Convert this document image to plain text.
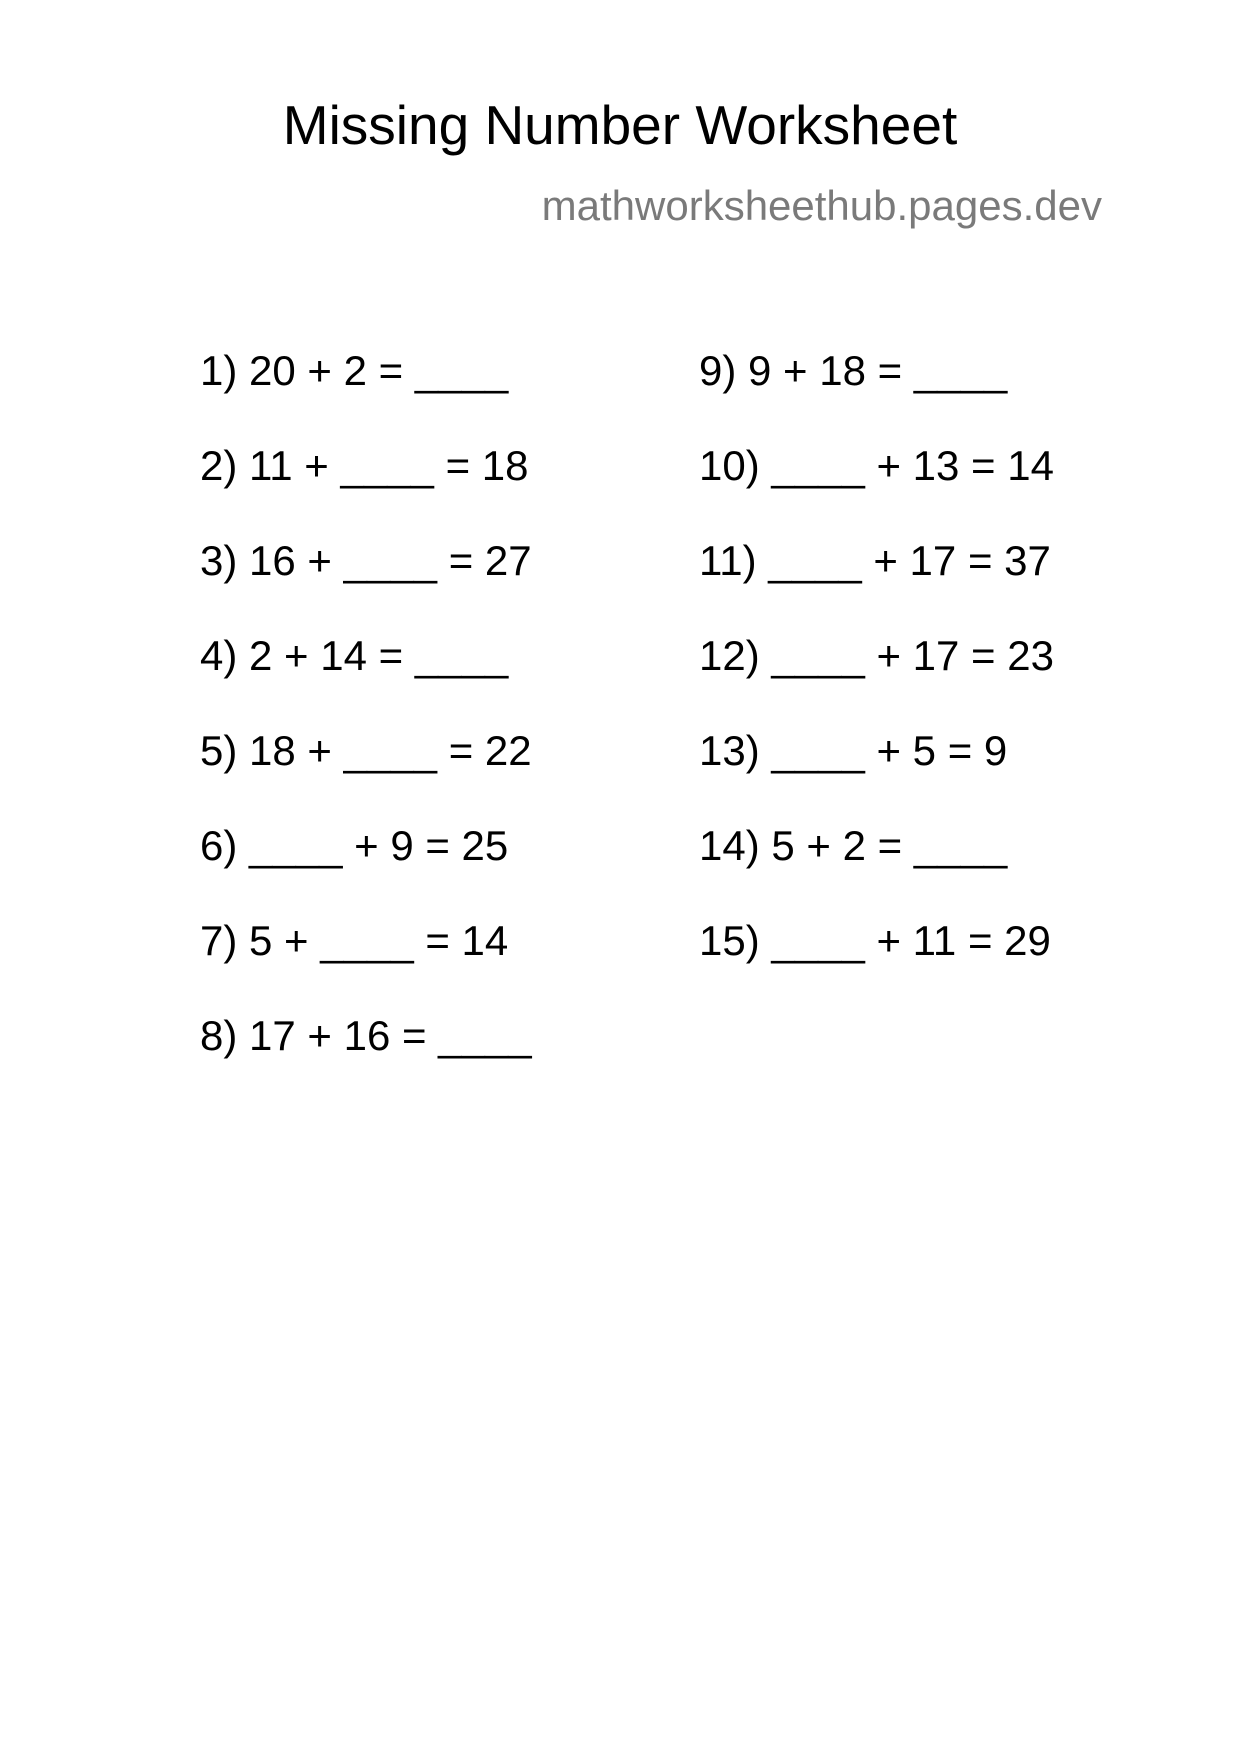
Missing Number Worksheet
mathworksheethub.pages.dev
1) 20 + 2 = ____
2) 11 + ____ = 18
3) 16 + ____ = 27
4) 2 + 14 = ____
5) 18 + ____ = 22
6) ____ + 9 = 25
7) 5 + ____ = 14
8) 17 + 16 = ____
9) 9 + 18 = ____
10) ____ + 13 = 14
11) ____ + 17 = 37
12) ____ + 17 = 23
13) ____ + 5 = 9
14) 5 + 2 = ____
15) ____ + 11 = 29
